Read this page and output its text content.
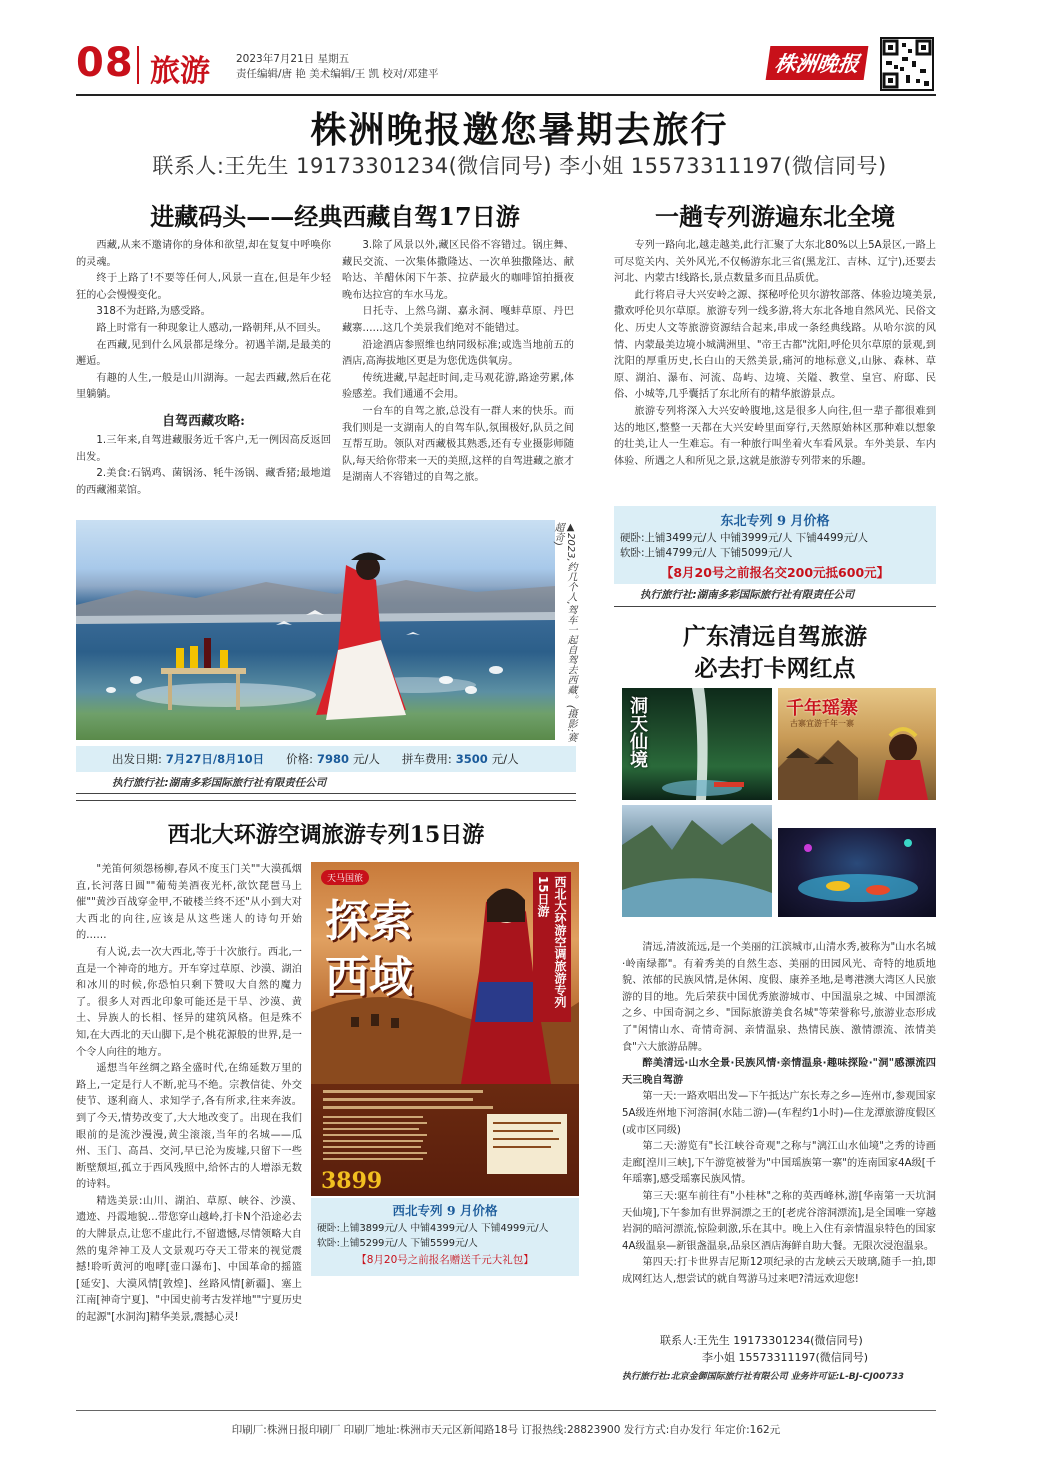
08 旅游 2023年7月21日 星期五
责任编辑/唐 艳 美术编辑/王 凯 校对/邓建平	株洲晚报
株洲晚报邀您暑期去旅行
联系人:王先生 19173301234(微信同号) 李小姐 15573311197(微信同号)
进藏码头——经典西藏自驾17日游

西藏,从来不邀请你的身体和欲望,却在复复中呼唤你的灵魂。

终于上路了!不要等任何人,风景一直在,但是年少轻狂的心会慢慢变化。

318不为赶路,为感受路。

路上时常有一种现象让人感动,一路朝拜,从不回头。

在西藏,见到什么风景都是缘分。初遇羊湖,是最美的邂逅。

有趣的人生,一般是山川湖海。一起去西藏,然后在花里躺躺。

自驾西藏攻略:

1.三年来,自驾进藏服务近千客户,无一例因高反返回出发。

2.美食:石锅鸡、菌锅汤、牦牛汤锅、藏香猪;最地道的西藏湘菜馆。

3.除了风景以外,藏区民俗不容错过。锅庄舞、藏民交流、一次集体撒隆达、一次单独撒隆达、献哈达、羊醋休闲下午茶、拉萨最火的咖啡馆拍摄夜晚布达拉宫的车水马龙。

日托寺、上然乌湖、嘉永洞、嘎蚌草原、丹巴藏寨……这几个美景我们绝对不能错过。

沿途酒店参照维也纳同级标准;或选当地前五的酒店,高海拔地区更是为您优选供氧房。

传统进藏,早起赶时间,走马观花游,路途劳累,体验感差。我们通通不会用。

一台车的自驾之旅,总没有一群人来的快乐。而我们则是一支湖南人的自驾车队,氛围极好,队员之间互帮互助。领队对西藏极其熟悉,还有专业摄影师随队,每天给你带来一天的美照,这样的自驾进藏之旅才是湖南人不容错过的自驾之旅。

▲2023,约几个人,驾车一起自驾去西藏。(摄影:赛超奇)
出发日期: 7月27日/8月10日 价格: 7980 元/人 拼车费用: 3500 元/人
执行旅行社:湖南多彩国际旅行社有限责任公司
一趟专列游遍东北全境

专列一路向北,越走越美,此行汇聚了大东北80%以上5A景区,一路上可尽览关内、关外风光,不仅畅游东北三省(黑龙江、吉林、辽宁),还要去河北、内蒙古!线路长,景点数量多而且品质优。

此行将启寻大兴安岭之源、探秘呼伦贝尔游牧部落、体验边境美景,撒欢呼伦贝尔草原。旅游专列一线多游,将大东北各地自然风光、民俗文化、历史人文等旅游资源结合起来,串成一条经典线路。从哈尔滨的风情、内蒙最美边境小城满洲里、"帝王古都"沈阳,呼伦贝尔草原的景观,到沈阳的厚重历史,长白山的天然美景,痛河的地标意义,山脉、森林、草原、湖泊、瀑布、河流、岛屿、边境、关隘、教堂、皇宫、府邸、民俗、小城等,几乎囊括了东北所有的精华旅游景点。

旅游专列将深入大兴安岭腹地,这是很多人向往,但一辈子都很难到达的地区,整整一天都在大兴安岭里面穿行,天然原始林区那种难以想象的壮美,让人一生难忘。有一种旅行叫坐着火车看风景。车外美景、车内体验、所遇之人和所见之景,这就是旅游专列带来的乐趣。

东北专列 9 月价格
硬卧:上铺3499元/人 中铺3999元/人 下铺4499元/人
软卧:上铺4799元/人 下铺5099元/人
【8月20号之前报名交200元抵600元】
执行旅行社:湖南多彩国际旅行社有限责任公司
广东清远自驾旅游
必去打卡网红点
洞天仙境	千年瑶寨
古寨宜游千年一寨

清远,清波流远,是一个美丽的江滨城市,山清水秀,被称为"山水名城·岭南绿都"。有着秀美的自然生态、美丽的田园风光、奇特的地质地貌、浓郁的民族风情,是休闲、度假、康养圣地,是粤港澳大湾区人民旅游的目的地。先后荣获中国优秀旅游城市、中国温泉之城、中国漂流之乡、中国奇洞之乡、"国际旅游美食名城"等荣誉称号,旅游业态形成了"闲情山水、奇情奇洞、亲情温泉、热情民族、激情漂流、浓情美食"六大旅游品牌。

醉美清远·山水全景·民族风情·亲情温泉·趣味探险·"洞"感漂流四天三晚自驾游

第一天:一路欢唱出发—下午抵达广东长寿之乡—连州市,参观国家5A级连州地下河溶洞(水陆二游)—(车程约1小时)—住龙潭旅游度假区(或市区同级)

第二天:游览有"长江峡谷奇观"之称与"漓江山水仙境"之秀的诗画走廊[湟川三峡],下午游览被誉为"中国瑶族第一寨"的连南国家4A级[千年瑶寨],感受瑶寨民族风情。

第三天:驱车前往有"小桂林"之称的英西峰林,游[华南第一天坑洞天仙境],下午参加有世界洞漂之王的[老虎谷溶洞漂流],是全国唯一穿越岩洞的暗河漂流,惊险刺激,乐在其中。晚上入住有亲情温泉特色的国家4A级温泉—新银盏温泉,品泉区酒店海鲜自助大餐。无限次浸泡温泉。

第四天:打卡世界吉尼斯12项纪录的古龙峡云天玻璃,随手一拍,即成网红达人,想尝试的就自驾游马过来吧?清远欢迎您!

联系人:王先生 19173301234(微信同号)
李小姐 15573311197(微信同号)
执行旅行社:北京金御国际旅行社有限公司 业务许可证:L-BJ-CJ00733
西北大环游空调旅游专列15日游

"羌笛何须怨杨柳,春风不度玉门关""大漠孤烟直,长河落日圆""葡萄美酒夜光杯,欲饮琵琶马上催""黄沙百战穿金甲,不破楼兰终不还"从小到大对大西北的向往,应该是从这些迷人的诗句开始的……

有人说,去一次大西北,等于十次旅行。西北,一直是一个神奇的地方。开车穿过草原、沙漠、湖泊和冰川的时候,你恐怕只剩下赞叹大自然的魔力了。很多人对西北印象可能还是干旱、沙漠、黄土、异族人的长相、怪异的建筑风格。但是殊不知,在大西北的天山脚下,是个桃花源般的世界,是一个令人向往的地方。

遥想当年丝绸之路全盛时代,在绵延数万里的路上,一定是行人不断,驼马不绝。宗教信徒、外交使节、逐利商人、求知学子,各有所求,往来奔波。到了今天,情势改变了,大大地改变了。出现在我们眼前的是流沙漫漫,黄尘滚滚,当年的名城——瓜州、玉门、高昌、交河,早已沦为废墟,只留下一些断壁颓垣,孤立于西风残照中,给怀古的人增添无数的诗料。

精选美景:山川、湖泊、草原、峡谷、沙漠、遗迹、丹霞地貌…带您穿山越岭,打卡N个沿途必去的大牌景点,让您不虚此行,不留遗憾,尽情领略大自然的鬼斧神工及人文景观巧夺天工带来的视觉震撼!聆听黄河的咆哮[壶口瀑布]、中国革命的摇篮[延安]、大漠风情[敦煌]、丝路风情[新疆]、塞上江南[神奇宁夏]、"中国史前考古发祥地""宁夏历史的起源"[水洞沟]精华美景,震撼心灵!

天马国旅
探索西域	西北大环游空调旅游专列15日游
3899
西北专列 9 月价格
硬卧:上铺3899元/人 中铺4399元/人 下铺4999元/人
软卧:上铺5299元/人 下铺5599元/人
【8月20号之前报名赠送千元大礼包】
印刷厂:株洲日报印刷厂 印刷厂地址:株洲市天元区新闻路18号 订报热线:28823900 发行方式:自办发行 年定价:162元
